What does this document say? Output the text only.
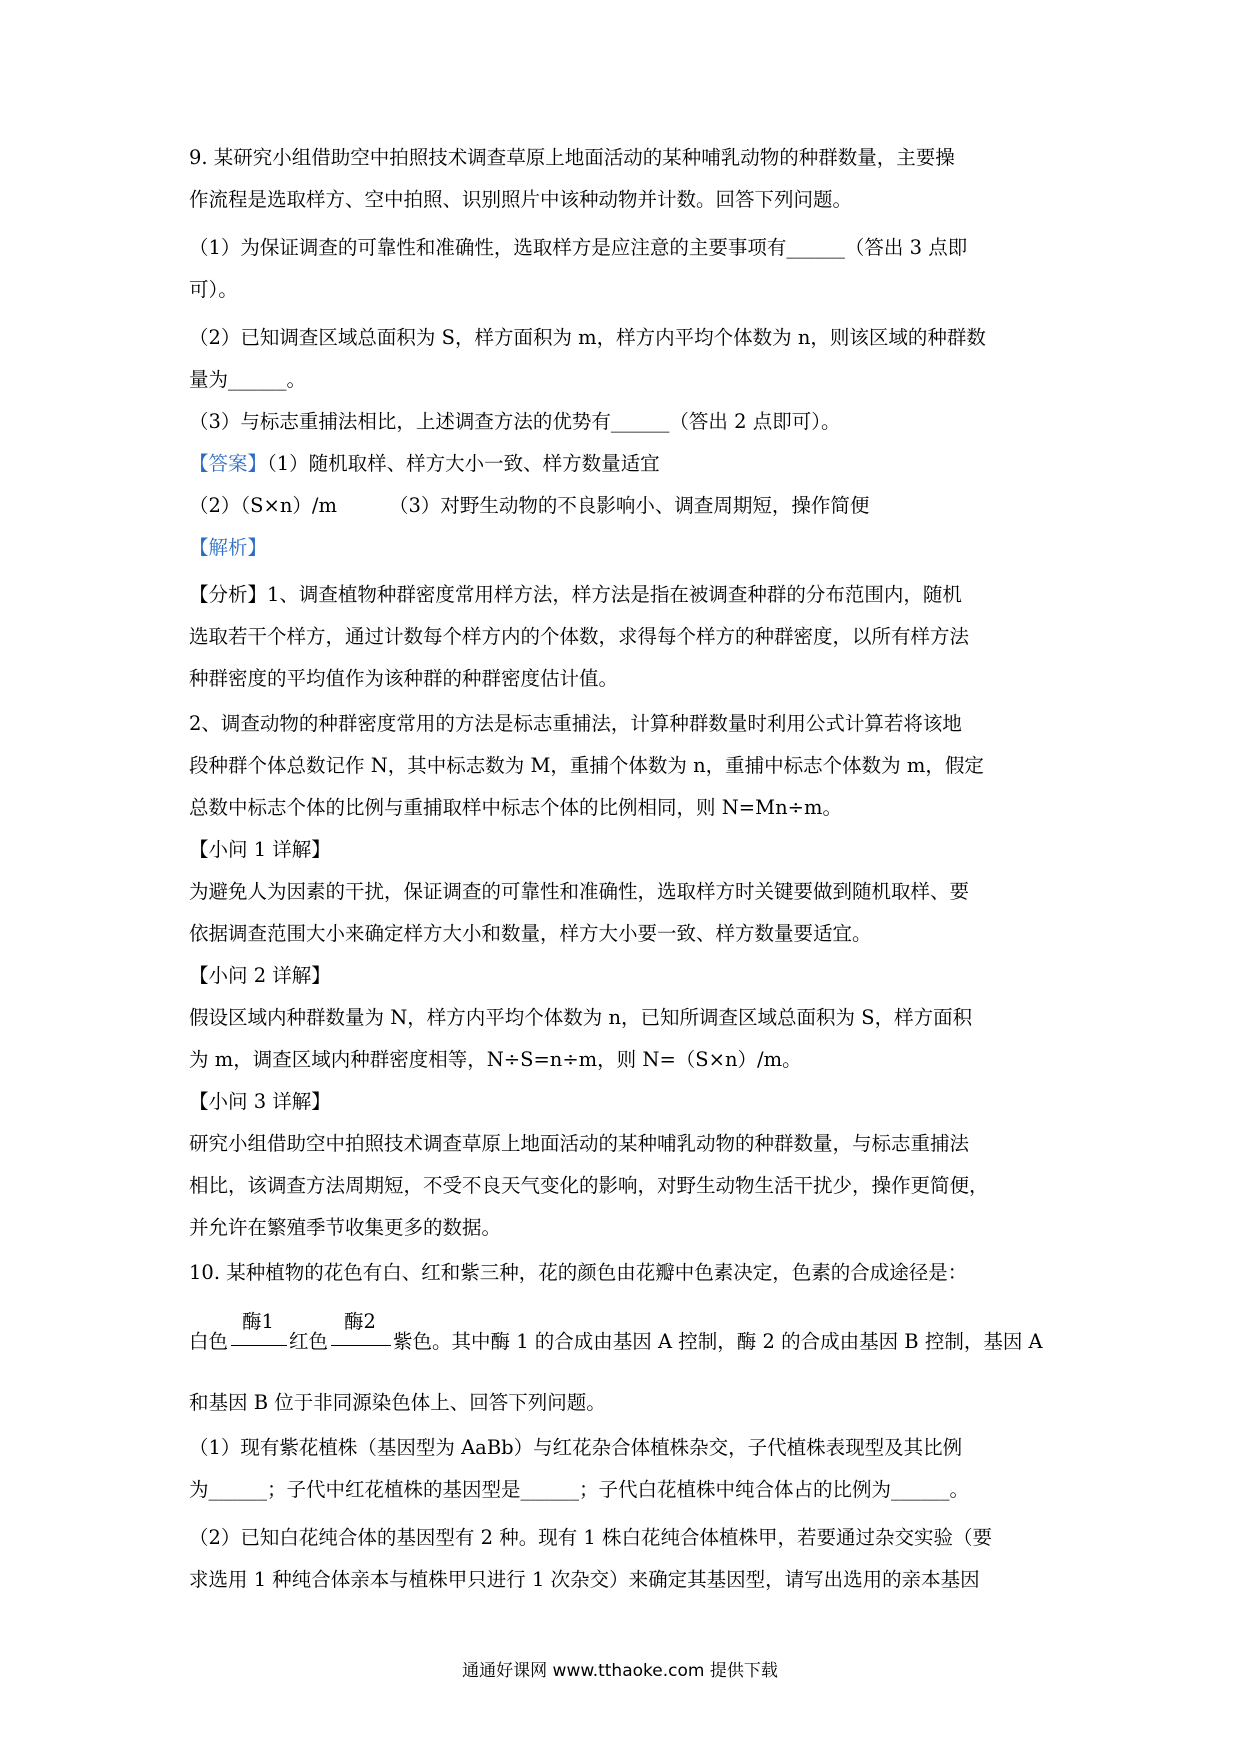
9. 某研究小组借助空中拍照技术调查草原上地面活动的某种哺乳动物的种群数量，主要操
作流程是选取样方、空中拍照、识别照片中该种动物并计数。回答下列问题。
（1）为保证调查的可靠性和准确性，选取样方是应注意的主要事项有______（答出 3 点即
可）。
（2）已知调查区域总面积为 S，样方面积为 m，样方内平均个体数为 n，则该区域的种群数
量为______。
（3）与标志重捕法相比，上述调查方法的优势有______（答出 2 点即可）。
【答案】（1）随机取样、样方大小一致、样方数量适宜
（2）（S×n）/m	（3）对野生动物的不良影响小、调查周期短，操作简便
【解析】
【分析】1、调查植物种群密度常用样方法，样方法是指在被调查种群的分布范围内，随机
选取若干个样方，通过计数每个样方内的个体数，求得每个样方的种群密度，以所有样方法
种群密度的平均值作为该种群的种群密度估计值。
2、调查动物的种群密度常用的方法是标志重捕法，计算种群数量时利用公式计算若将该地
段种群个体总数记作 N，其中标志数为 M，重捕个体数为 n，重捕中标志个体数为 m，假定
总数中标志个体的比例与重捕取样中标志个体的比例相同，则 N=Mn÷m。
【小问 1 详解】
为避免人为因素的干扰，保证调查的可靠性和准确性，选取样方时关键要做到随机取样、要
依据调查范围大小来确定样方大小和数量，样方大小要一致、样方数量要适宜。
【小问 2 详解】
假设区域内种群数量为 N，样方内平均个体数为 n，已知所调查区域总面积为 S，样方面积
为 m，调查区域内种群密度相等，N÷S=n÷m，则 N=（S×n）/m。
【小问 3 详解】
研究小组借助空中拍照技术调查草原上地面活动的某种哺乳动物的种群数量，与标志重捕法
相比，该调查方法周期短，不受不良天气变化的影响，对野生动物生活干扰少，操作更简便，
并允许在繁殖季节收集更多的数据。
10. 某种植物的花色有白、红和紫三种，花的颜色由花瓣中色素决定，色素的合成途径是：
白色
酶1
红色
酶2
紫色。其中酶 1 的合成由基因 A 控制，酶 2 的合成由基因 B 控制，基因 A
和基因 B 位于非同源染色体上、回答下列问题。
（1）现有紫花植株（基因型为 AaBb）与红花杂合体植株杂交，子代植株表现型及其比例
为______；子代中红花植株的基因型是______；子代白花植株中纯合体占的比例为______。
（2）已知白花纯合体的基因型有 2 种。现有 1 株白花纯合体植株甲，若要通过杂交实验（要
求选用 1 种纯合体亲本与植株甲只进行 1 次杂交）来确定其基因型，请写出选用的亲本基因
通通好课网 www.tthaoke.com 提供下载
